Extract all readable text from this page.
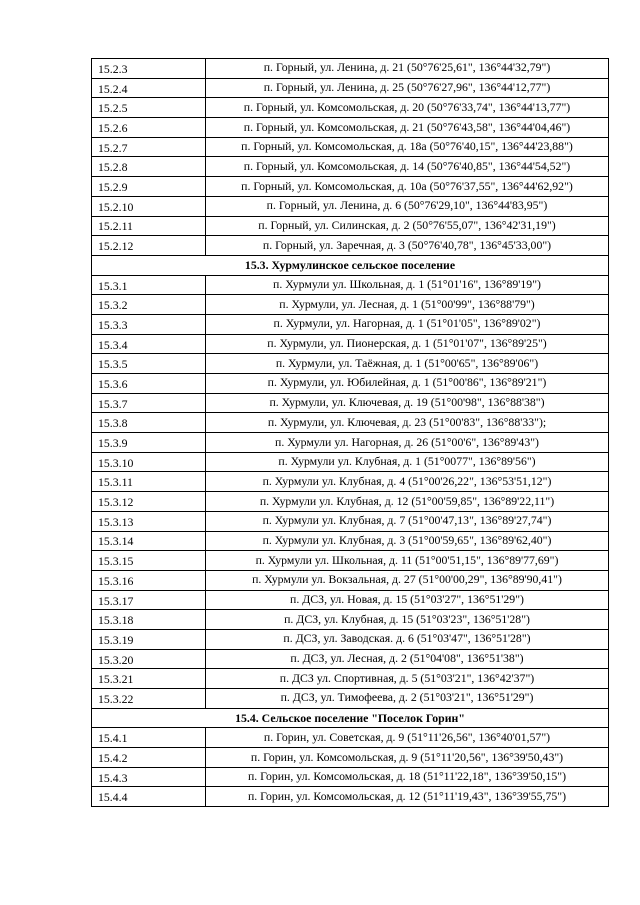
15.2.3	п. Горный, ул. Ленина, д. 21 (50°76'25,61", 136°44'32,79")
15.2.4	п. Горный, ул. Ленина, д. 25 (50°76'27,96", 136°44'12,77")
15.2.5	п. Горный, ул. Комсомольская, д. 20 (50°76'33,74", 136°44'13,77")
15.2.6	п. Горный, ул. Комсомольская, д. 21 (50°76'43,58", 136°44'04,46")
15.2.7	п. Горный, ул. Комсомольская, д. 18а (50°76'40,15", 136°44'23,88")
15.2.8	п. Горный, ул. Комсомольская, д. 14 (50°76'40,85", 136°44'54,52")
15.2.9	п. Горный, ул. Комсомольская, д. 10а (50°76'37,55", 136°44'62,92")
15.2.10	п. Горный, ул. Ленина, д. 6 (50°76'29,10", 136°44'83,95")
15.2.11	п. Горный, ул. Силинская, д. 2 (50°76'55,07", 136°42'31,19")
15.2.12	п. Горный, ул. Заречная, д. 3 (50°76'40,78", 136°45'33,00")
15.3. Хурмулинское сельское поселение	
15.3.1	п. Хурмули ул. Школьная, д. 1 (51°01'16", 136°89'19")
15.3.2	п. Хурмули, ул. Лесная, д. 1 (51°00'99", 136°88'79")
15.3.3	п. Хурмули, ул. Нагорная, д. 1 (51°01'05", 136°89'02")
15.3.4	п. Хурмули, ул. Пионерская, д. 1 (51°01'07", 136°89'25")
15.3.5	п. Хурмули, ул. Таёжная, д. 1 (51°00'65", 136°89'06")
15.3.6	п. Хурмули, ул. Юбилейная, д. 1 (51°00'86", 136°89'21")
15.3.7	п. Хурмули, ул. Ключевая, д. 19 (51°00'98", 136°88'38")
15.3.8	п. Хурмули, ул. Ключевая, д. 23 (51°00'83", 136°88'33");
15.3.9	п. Хурмули ул. Нагорная, д. 26 (51°00'6", 136°89'43")
15.3.10	п. Хурмули ул. Клубная, д. 1 (51°0077", 136°89'56")
15.3.11	п. Хурмули ул. Клубная, д. 4 (51°00'26,22", 136°53'51,12")
15.3.12	п. Хурмули ул. Клубная, д. 12 (51°00'59,85", 136°89'22,11")
15.3.13	п. Хурмули ул. Клубная, д. 7 (51°00'47,13", 136°89'27,74")
15.3.14	п. Хурмули ул. Клубная, д. 3 (51°00'59,65", 136°89'62,40")
15.3.15	п. Хурмули ул. Школьная, д. 11 (51°00'51,15", 136°89'77,69")
15.3.16	п. Хурмули ул. Вокзальная, д. 27 (51°00'00,29", 136°89'90,41")
15.3.17	п. ДСЗ, ул. Новая, д. 15 (51°03'27", 136°51'29")
15.3.18	п. ДСЗ, ул. Клубная, д. 15 (51°03'23", 136°51'28")
15.3.19	п. ДСЗ, ул. Заводская. д. 6 (51°03'47", 136°51'28")
15.3.20	п. ДСЗ, ул. Лесная, д. 2 (51°04'08", 136°51'38")
15.3.21	п. ДСЗ ул. Спортивная, д. 5 (51°03'21", 136°42'37")
15.3.22	п. ДСЗ, ул. Тимофеева, д. 2 (51°03'21", 136°51'29")
15.4. Сельское поселение "Поселок Горин"	
15.4.1	п. Горин, ул. Советская, д. 9 (51°11'26,56", 136°40'01,57")
15.4.2	п. Горин, ул. Комсомольская, д. 9 (51°11'20,56", 136°39'50,43")
15.4.3	п. Горин, ул. Комсомольская, д. 18 (51°11'22,18", 136°39'50,15")
15.4.4	п. Горин, ул. Комсомольская, д. 12 (51°11'19,43", 136°39'55,75")
